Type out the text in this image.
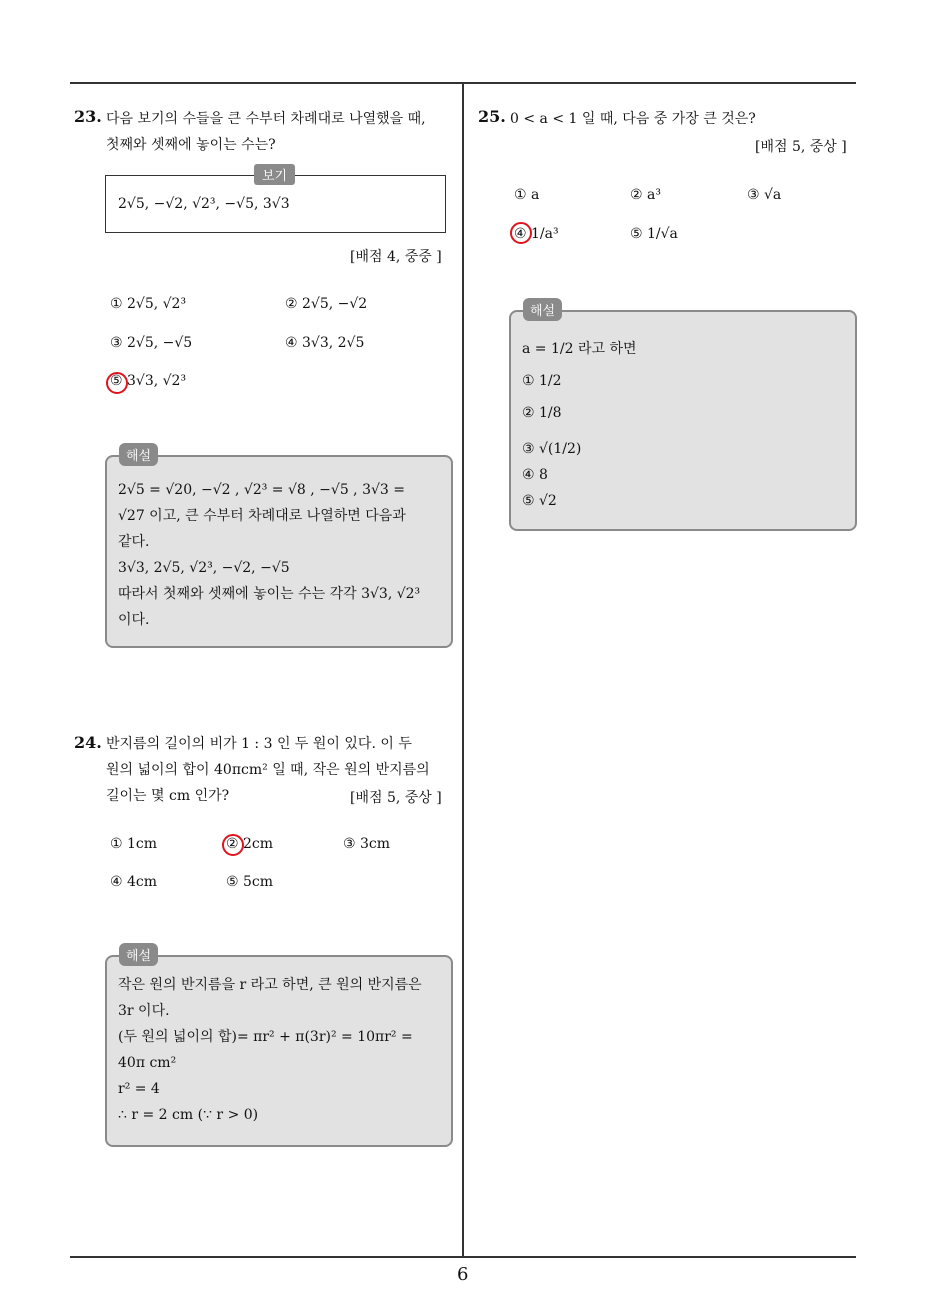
6
23. 다음 보기의 수들을 큰 수부터 차례대로 나열했을 때,
첫째와 셋째에 놓이는 수는?
보기
2√5, −√2, √2³, −√5, 3√3
[배점 4, 중중 ]
① 2√5, √2³	② 2√5, −√2
③ 2√5, −√5	④ 3√3, 2√5
⑤ 3√3, √2³
해설
2√5 = √20, −√2 , √2³ = √8 , −√5 , 3√3 =
√27 이고, 큰 수부터 차례대로 나열하면 다음과
같다.
3√3, 2√5, √2³, −√2, −√5
따라서 첫째와 셋째에 놓이는 수는 각각 3√3, √2³
이다.
24. 반지름의 길이의 비가 1 : 3 인 두 원이 있다. 이 두
원의 넓이의 합이 40πcm² 일 때, 작은 원의 반지름의
길이는 몇 cm 인가?	[배점 5, 중상 ]
① 1cm	② 2cm	③ 3cm
④ 4cm	⑤ 5cm
해설
작은 원의 반지름을 r 라고 하면, 큰 원의 반지름은
3r 이다.
(두 원의 넓이의 합)= πr² + π(3r)² = 10πr² =
40π cm²
r² = 4
∴ r = 2 cm (∵ r > 0)
25. 0 < a < 1 일 때, 다음 중 가장 큰 것은?
[배점 5, 중상 ]
① a	② a³	③ √a
④ 1/a³	⑤ 1/√a
해설
a = 1/2 라고 하면
① 1/2
② 1/8
③ √(1/2)
④ 8
⑤ √2
